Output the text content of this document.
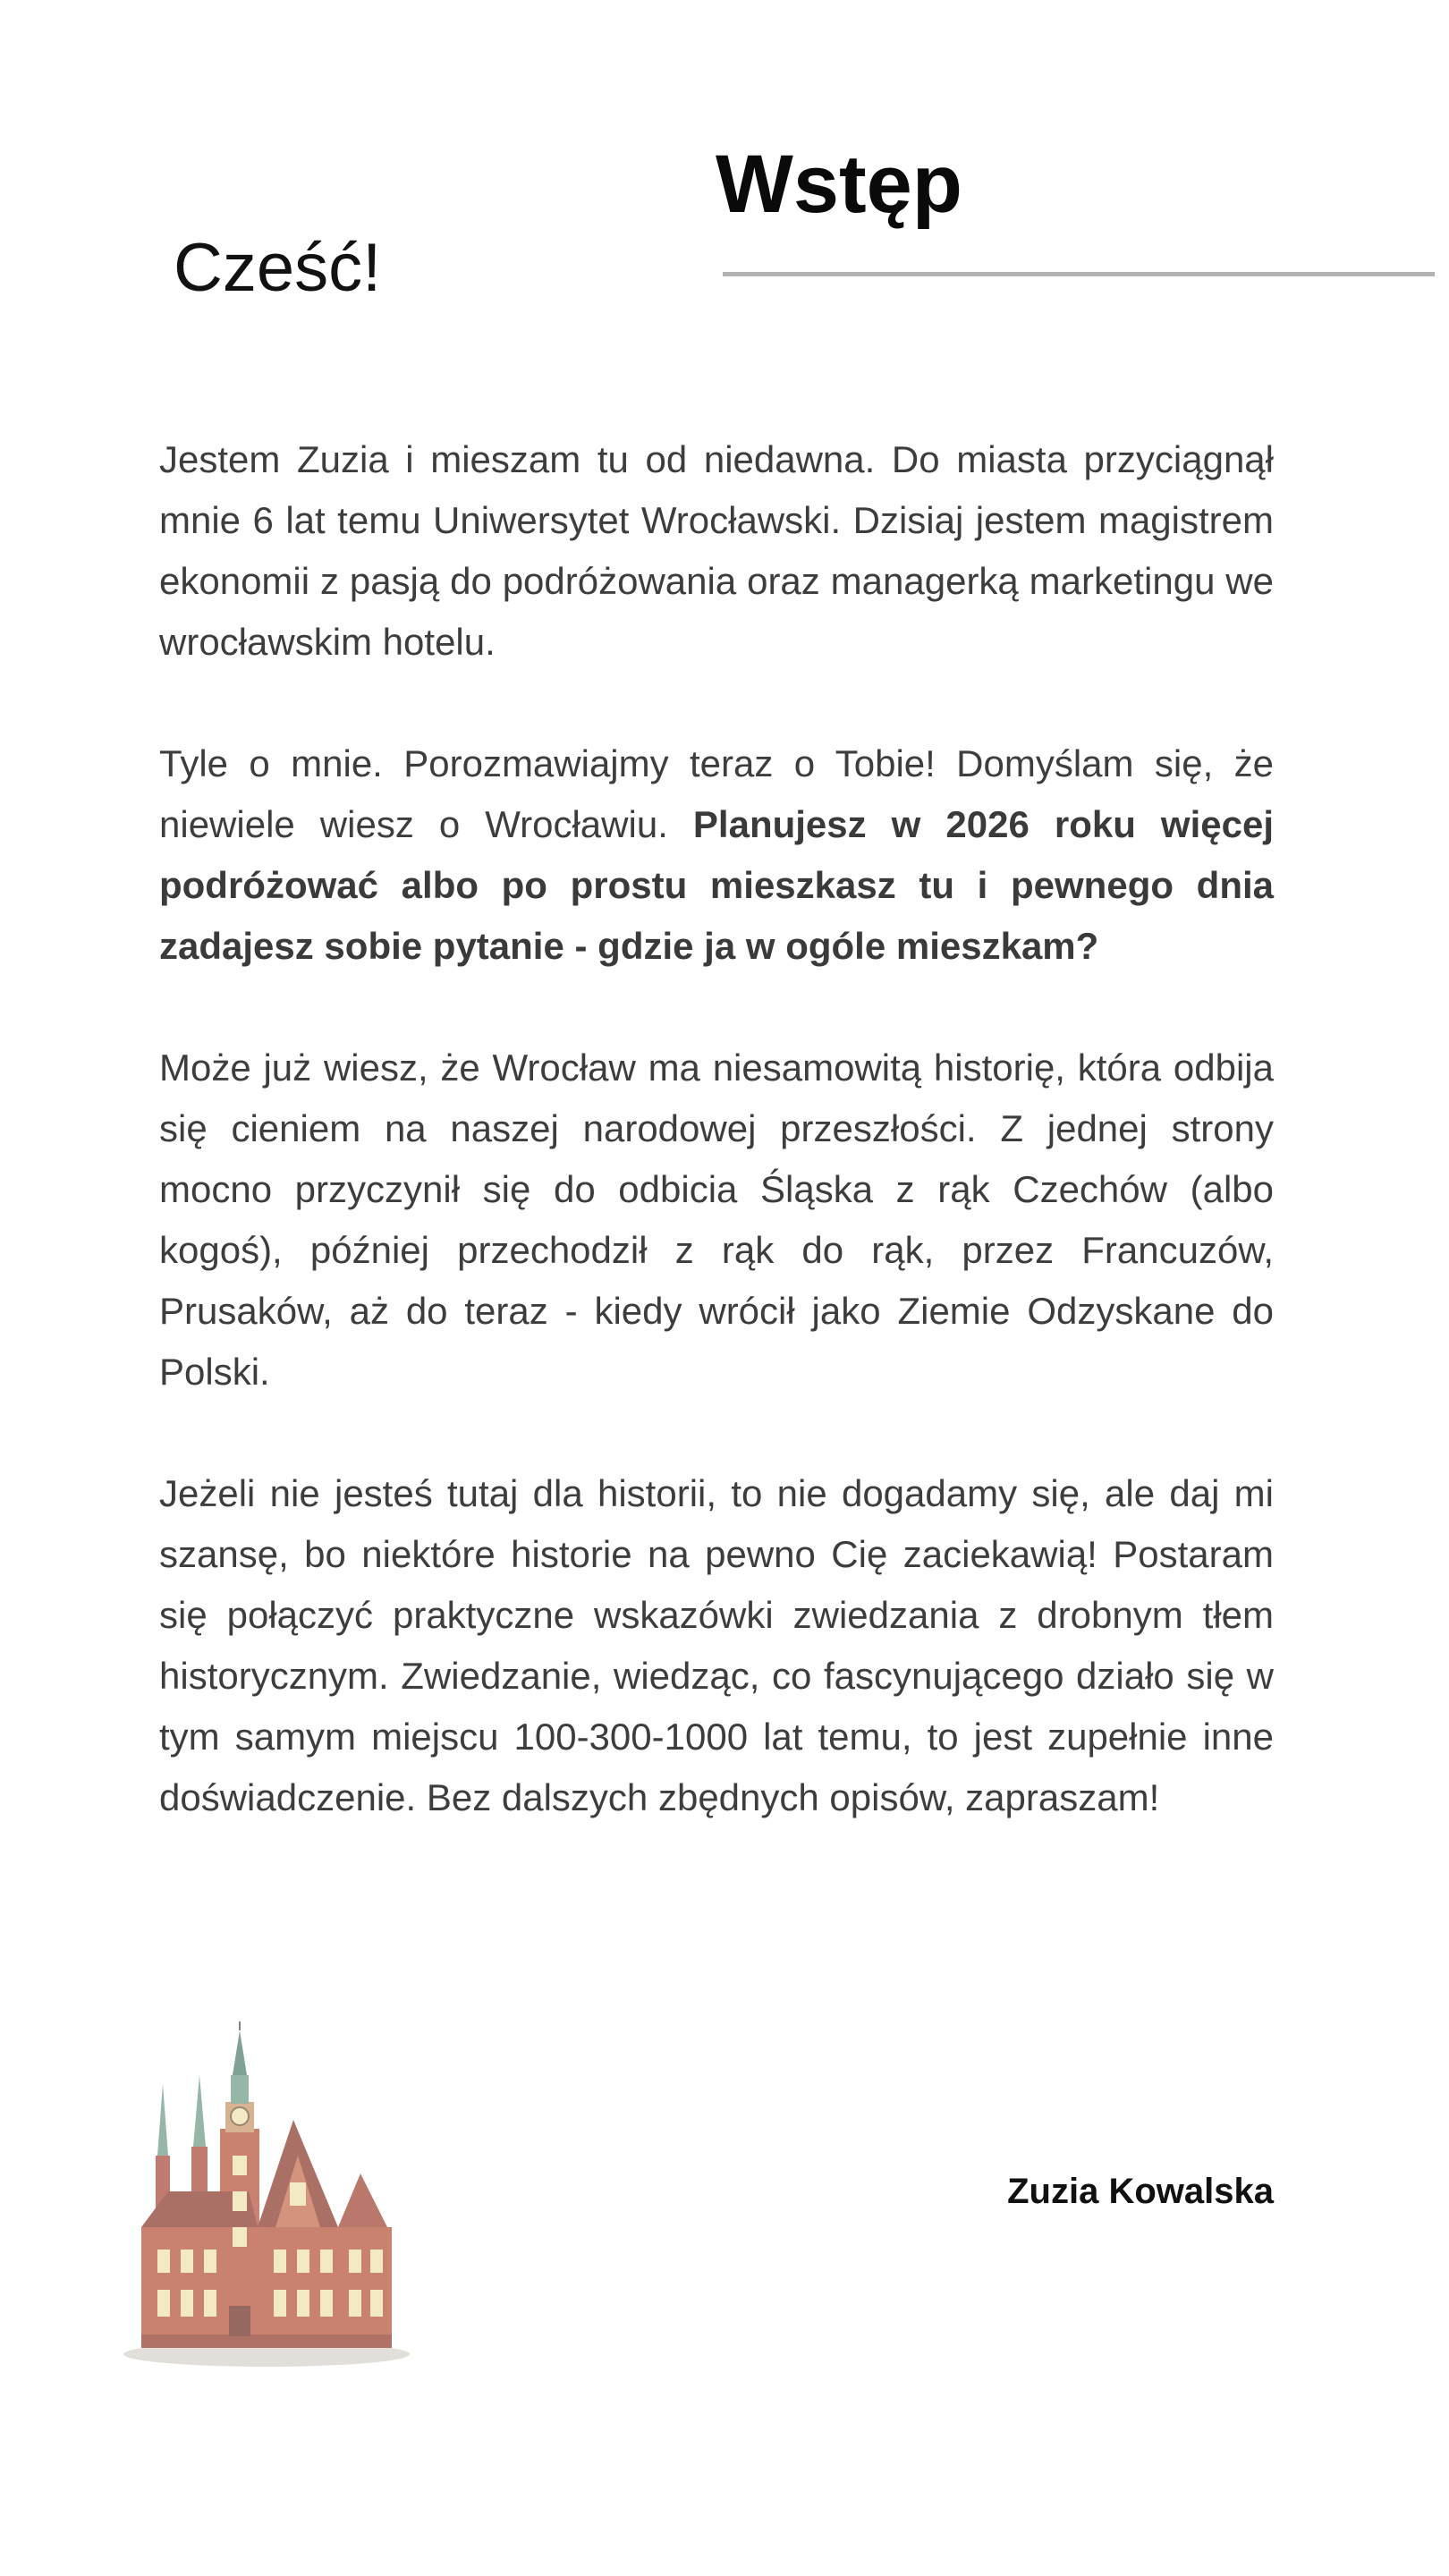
Wstęp
Cześć!

Jestem Zuzia i mieszam tu od niedawna. Do miasta przyciągnął mnie 6 lat temu Uniwersytet Wrocławski. Dzisiaj jestem magistrem ekonomii z pasją do podróżowania oraz managerką marketingu we wrocławskim hotelu.

Tyle o mnie. Porozmawiajmy teraz o Tobie! Domyślam się, że niewiele wiesz o Wrocławiu. Planujesz w 2026 roku więcej podróżować albo po prostu mieszkasz tu i pewnego dnia zadajesz sobie pytanie - gdzie ja w ogóle mieszkam?

Może już wiesz, że Wrocław ma niesamowitą historię, która odbija się cieniem na naszej narodowej przeszłości. Z jednej strony mocno przyczynił się do odbicia Śląska z rąk Czechów (albo kogoś), później przechodził z rąk do rąk, przez Francuzów, Prusaków, aż do teraz - kiedy wrócił jako Ziemie Odzyskane do Polski.

Jeżeli nie jesteś tutaj dla historii, to nie dogadamy się, ale daj mi szansę, bo niektóre historie na pewno Cię zaciekawią! Postaram się połączyć praktyczne wskazówki zwiedzania z drobnym tłem historycznym. Zwiedzanie, wiedząc, co fascynującego działo się w tym samym miejscu 100-300-1000 lat temu, to jest zupełnie inne doświadczenie. Bez dalszych zbędnych opisów, zapraszam!

Zuzia Kowalska
